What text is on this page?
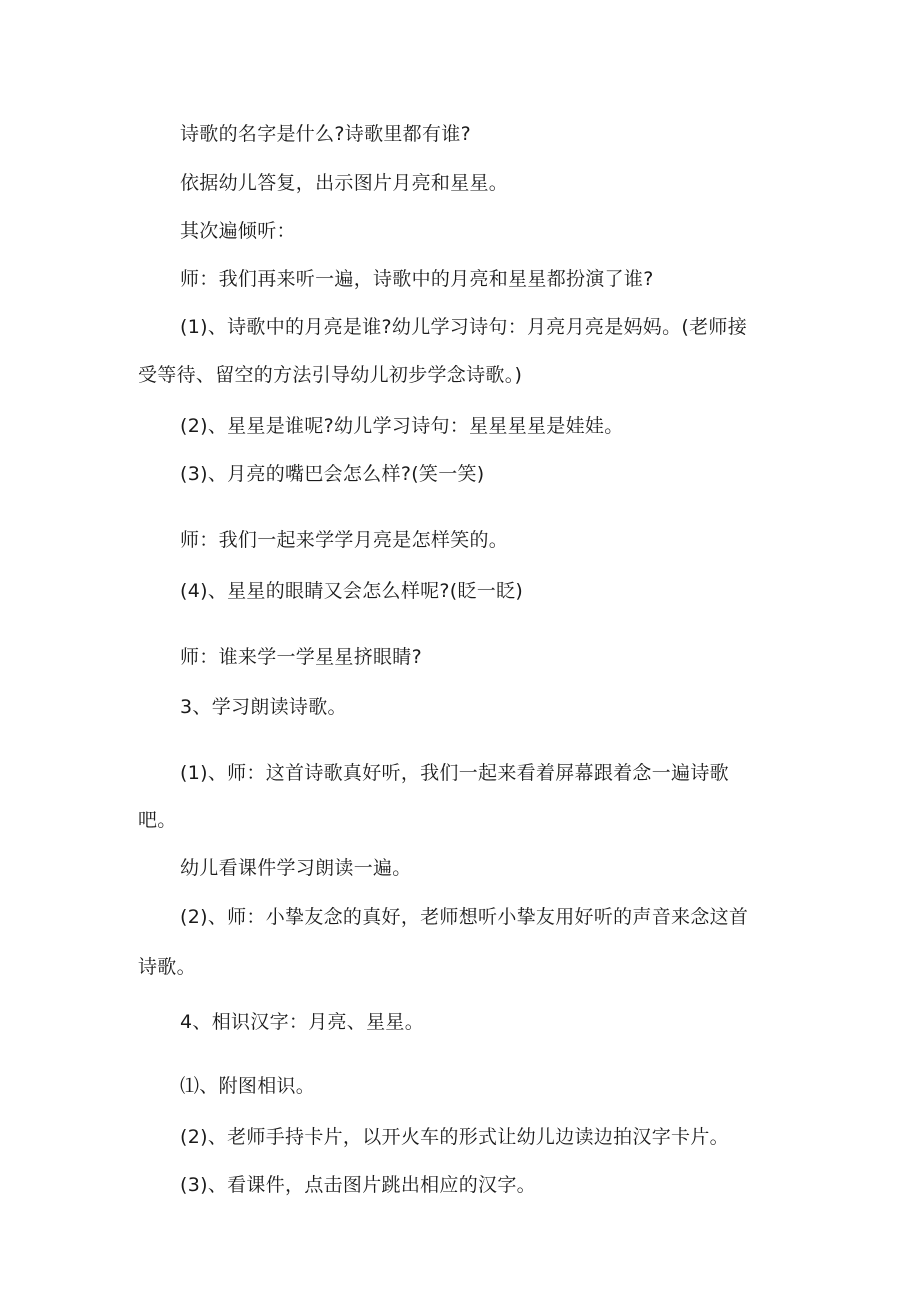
诗歌的名字是什么?诗歌里都有谁?

依据幼儿答复，出示图片月亮和星星。

其次遍倾听：

师：我们再来听一遍，诗歌中的月亮和星星都扮演了谁?

(1)、诗歌中的月亮是谁?幼儿学习诗句：月亮月亮是妈妈。(老师接

受等待、留空的方法引导幼儿初步学念诗歌。)

(2)、星星是谁呢?幼儿学习诗句：星星星星是娃娃。

(3)、月亮的嘴巴会怎么样?(笑一笑)

师：我们一起来学学月亮是怎样笑的。

(4)、星星的眼睛又会怎么样呢?(眨一眨)

师：谁来学一学星星挤眼睛?

3、学习朗读诗歌。

(1)、师：这首诗歌真好听，我们一起来看着屏幕跟着念一遍诗歌

吧。

幼儿看课件学习朗读一遍。

(2)、师：小挚友念的真好，老师想听小挚友用好听的声音来念这首

诗歌。

4、相识汉字：月亮、星星。

⑴、附图相识。

(2)、老师手持卡片，以开火车的形式让幼儿边读边拍汉字卡片。

(3)、看课件，点击图片跳出相应的汉字。
